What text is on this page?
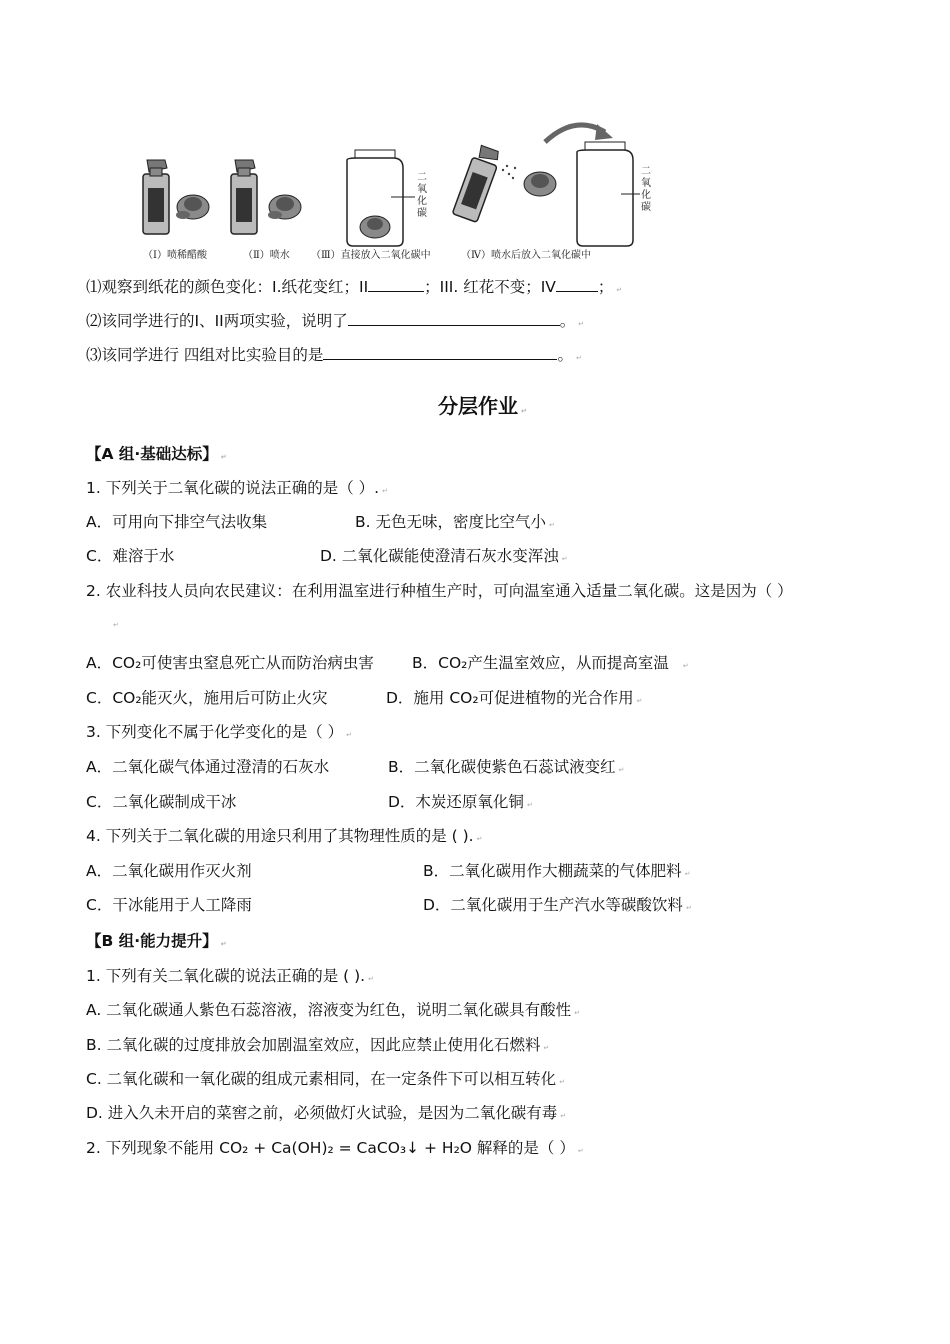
二氧化碳
二氧化碳
（Ⅰ）喷稀醋酸	（Ⅱ）喷水 （Ⅲ）直接放入二氧化碳中	（Ⅳ）喷水后放入二氧化碳中
⑴观察到纸花的颜色变化：I.纸花变红；II	；III. 红花不变；IV	； ↵
⑵该同学进行的I、II两项实验，说明了	。 ↵
⑶该同学进行 四组对比实验目的是	。 ↵
分层作业 ↵
【A 组·基础达标】 ↵
1. 下列关于二氧化碳的说法正确的是（ ）. ↵
A．可用向下排空气法收集	B. 无色无味，密度比空气小 ↵
C．难溶于水	D. 二氧化碳能使澄清石灰水变浑浊 ↵
2. 农业科技人员向农民建议：在利用温室进行种植生产时，可向温室通入适量二氧化碳。这是因为（ ）
↵
A．CO₂可使害虫窒息死亡从而防治病虫害 B．CO₂产生温室效应，从而提高室温 ↵
C．CO₂能灭火，施用后可防止火灾	D．施用 CO₂可促进植物的光合作用 ↵
3. 下列变化不属于化学变化的是（ ） ↵
A．二氧化碳气体通过澄清的石灰水	B．二氧化碳使紫色石蕊试液变红 ↵
C．二氧化碳制成干冰	D．木炭还原氧化铜 ↵
4. 下列关于二氧化碳的用途只利用了其物理性质的是 ( ). ↵
A．二氧化碳用作灭火剂	B．二氧化碳用作大棚蔬菜的气体肥料 ↵
C．干冰能用于人工降雨	D．二氧化碳用于生产汽水等碳酸饮料 ↵
【B 组·能力提升】 ↵
1. 下列有关二氧化碳的说法正确的是 ( ). ↵
A. 二氧化碳通人紫色石蕊溶液，溶液变为红色，说明二氧化碳具有酸性 ↵
B. 二氧化碳的过度排放会加剧温室效应，因此应禁止使用化石燃料 ↵
C. 二氧化碳和一氧化碳的组成元素相同，在一定条件下可以相互转化 ↵
D. 进入久未开启的菜窖之前，必须做灯火试验，是因为二氧化碳有毒 ↵
2. 下列现象不能用 CO₂ + Ca(OH)₂ = CaCO₃↓ + H₂O 解释的是（ ） ↵
